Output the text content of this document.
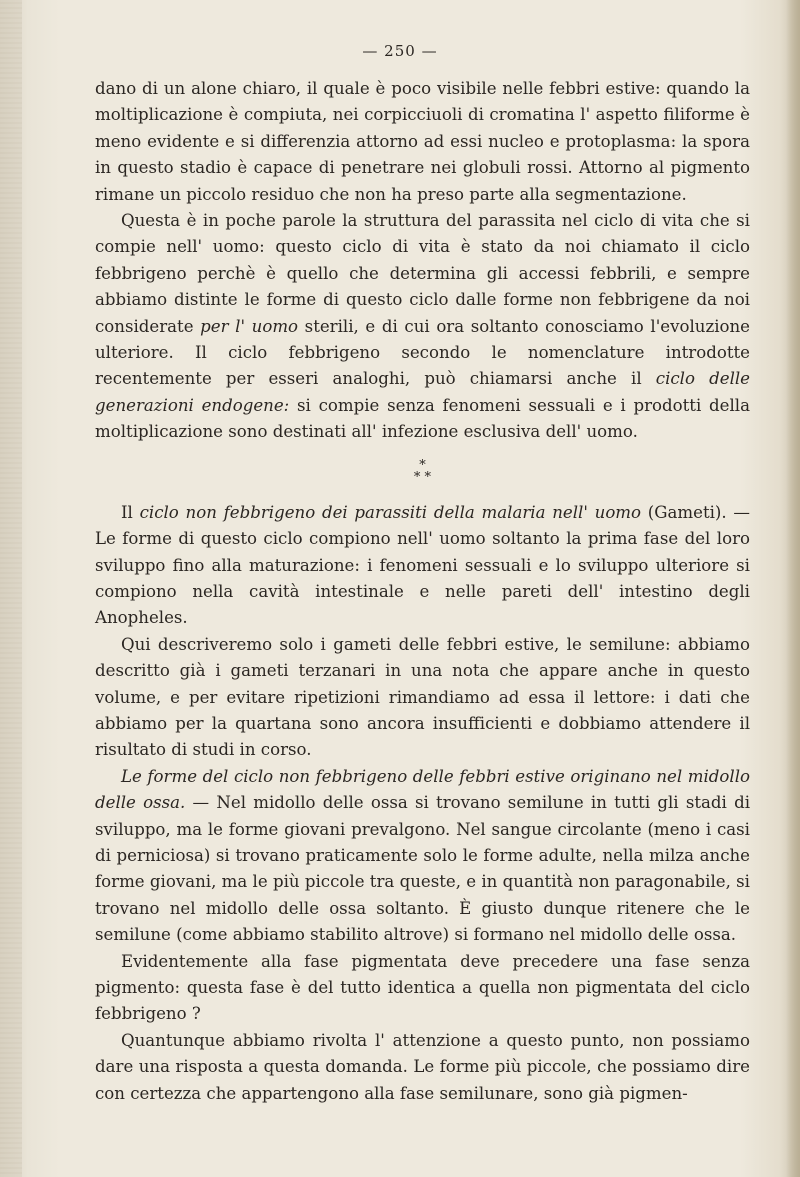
— 250 —

dano di un alone chiaro, il quale è poco visibile nelle febbri estive: quando la moltiplicazione è compiuta, nei corpicciuoli di cromatina l' aspetto filiforme è meno evidente e si differenzia attorno ad essi nucleo e protoplasma: la spora in questo stadio è capace di penetrare nei globuli rossi. Attorno al pigmento rimane un piccolo residuo che non ha preso parte alla segmentazione.

Questa è in poche parole la struttura del parassita nel ciclo di vita che si compie nell' uomo: questo ciclo di vita è stato da noi chiamato il ciclo febbrigeno perchè è quello che determina gli accessi febbrili, e sempre abbiamo distinte le forme di questo ciclo dalle forme non febbrigene da noi considerate per l' uomo sterili, e di cui ora soltanto conosciamo l'evoluzione ulteriore. Il ciclo febbrigeno secondo le nomenclature introdotte recentemente per esseri analoghi, può chiamarsi anche il ciclo delle generazioni endogene: si compie senza fenomeni sessuali e i prodotti della moltiplicazione sono destinati all' infezione esclusiva dell' uomo.

*
* *

Il ciclo non febbrigeno dei parassiti della malaria nell' uomo (Gameti). — Le forme di questo ciclo compiono nell' uomo soltanto la prima fase del loro sviluppo fino alla maturazione: i fenomeni sessuali e lo sviluppo ulteriore si compiono nella cavità intestinale e nelle pareti dell' intestino degli Anopheles.

Qui descriveremo solo i gameti delle febbri estive, le semilune: abbiamo descritto già i gameti terzanari in una nota che appare anche in questo volume, e per evitare ripetizioni rimandiamo ad essa il lettore: i dati che abbiamo per la quartana sono ancora insufficienti e dobbiamo attendere il risultato di studi in corso.

Le forme del ciclo non febbrigeno delle febbri estive originano nel midollo delle ossa. — Nel midollo delle ossa si trovano semilune in tutti gli stadi di sviluppo, ma le forme giovani prevalgono. Nel sangue circolante (meno i casi di perniciosa) si trovano praticamente solo le forme adulte, nella milza anche forme giovani, ma le più piccole tra queste, e in quantità non paragonabile, si trovano nel midollo delle ossa soltanto. È giusto dunque ritenere che le semilune (come abbiamo stabilito altrove) si formano nel midollo delle ossa.

Evidentemente alla fase pigmentata deve precedere una fase senza pigmento: questa fase è del tutto identica a quella non pigmentata del ciclo febbrigeno ?

Quantunque abbiamo rivolta l' attenzione a questo punto, non possiamo dare una risposta a questa domanda. Le forme più piccole, che possiamo dire con certezza che appartengono alla fase semilunare, sono già pigmen-
